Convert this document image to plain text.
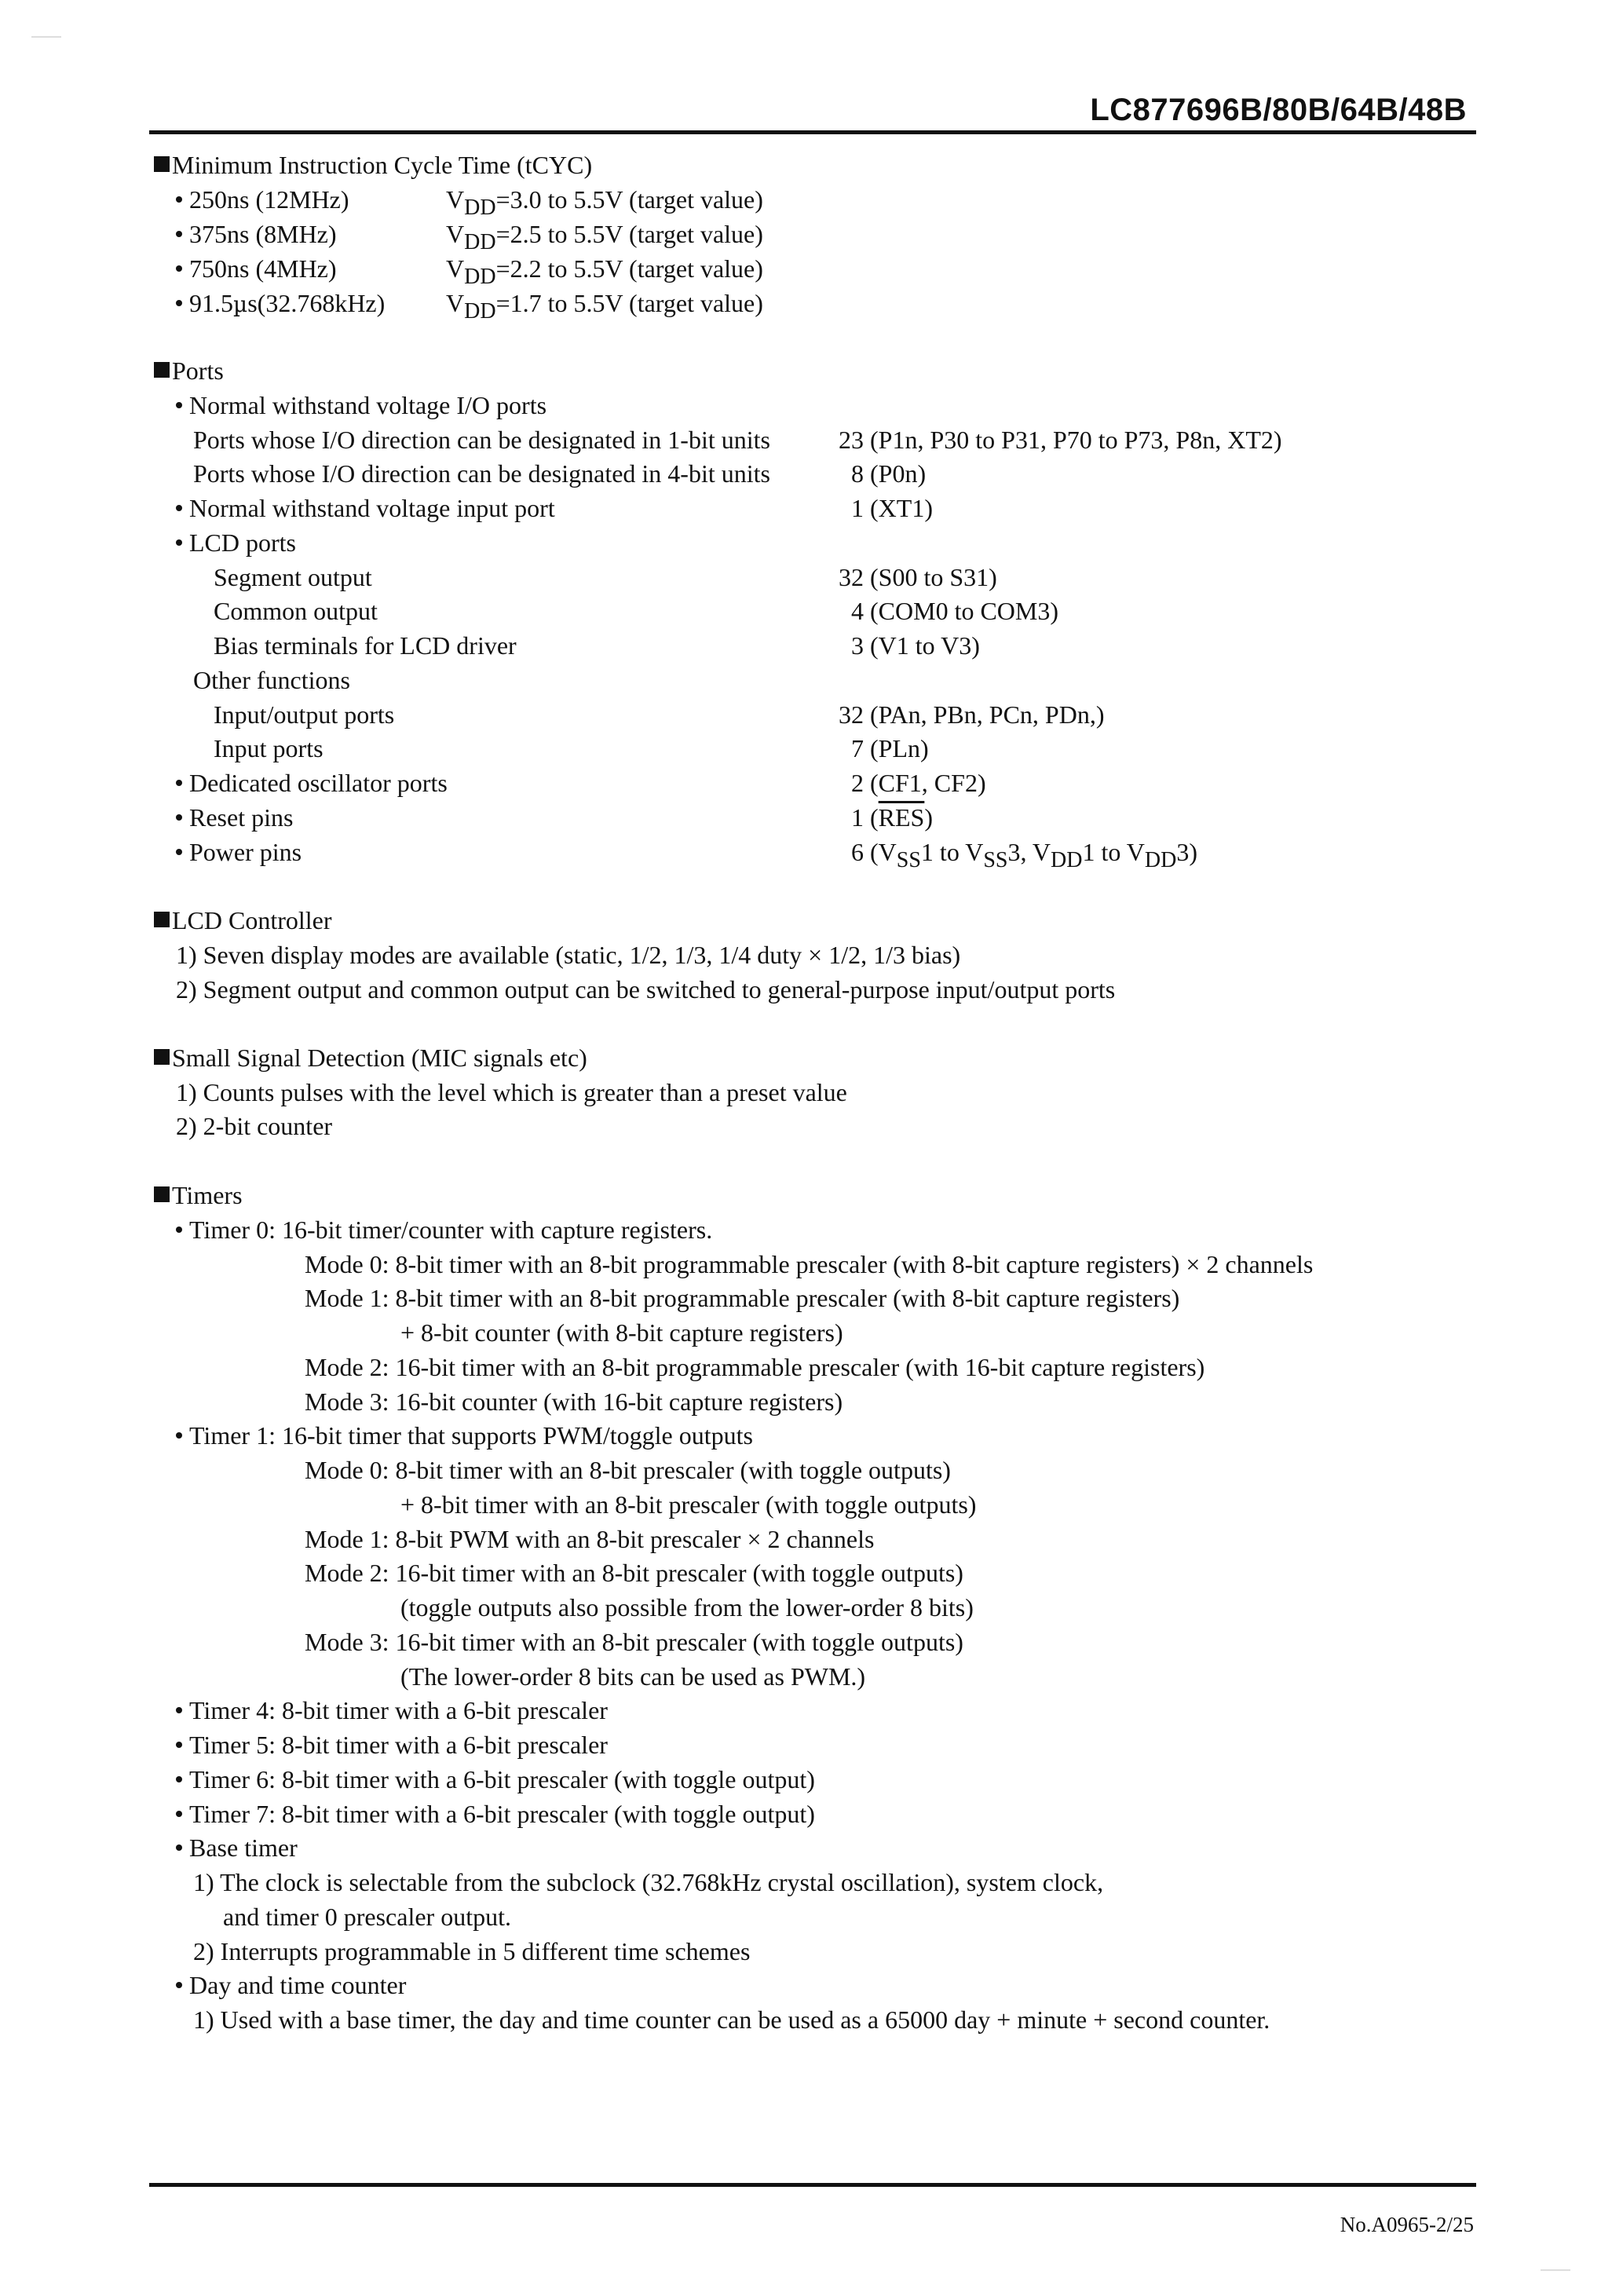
LC877696B/80B/64B/48B
Minimum Instruction Cycle Time (tCYC)
250ns (12MHz)	$V_{DD}=3.0$ to 5.5V (target value)
375ns (8MHz)	$V_{DD}=2.5$ to 5.5V (target value)
750ns (4MHz)	$V_{DD}=2.2$ to 5.5V (target value)
91.5µs(32.768kHz) $V_{DD}=1.7$ to 5.5V (target value)
Ports
Normal withstand voltage I/O ports
Ports whose I/O direction can be designated in 1-bit units	23 (P1n, P30 to P31, P70 to P73, P8n, XT2)
Ports whose I/O direction can be designated in 4-bit units	8 (P0n)
Normal withstand voltage input port	1 (XT1)
LCD ports
Segment output	32 (S00 to S31)
Common output	4 (COM0 to COM3)
Bias terminals for LCD driver	3 (V1 to V3)
Other functions
Input/output ports	32 (PAn, PBn, PCn, PDn,)
Input ports	7 (PLn)
Dedicated oscillator ports	2 (CF1, CF2)
Reset pins	1 $(\overline{RES})$
Power pins	6 ($V_{SS}1$ to $V_{SS}3$, $V_{DD}1$ to $V_{DD}3$)
LCD Controller
1) Seven display modes are available (static, 1/2, 1/3, 1/4 duty × 1/2, 1/3 bias)
2) Segment output and common output can be switched to general-purpose input/output ports
Small Signal Detection (MIC signals etc)
1) Counts pulses with the level which is greater than a preset value
2) 2-bit counter
Timers
Timer 0: 16-bit timer/counter with capture registers.
Mode 0: 8-bit timer with an 8-bit programmable prescaler (with 8-bit capture registers) × 2 channels
Mode 1: 8-bit timer with an 8-bit programmable prescaler (with 8-bit capture registers)
+ 8-bit counter (with 8-bit capture registers)
Mode 2: 16-bit timer with an 8-bit programmable prescaler (with 16-bit capture registers)
Mode 3: 16-bit counter (with 16-bit capture registers)
Timer 1: 16-bit timer that supports PWM/toggle outputs
Mode 0: 8-bit timer with an 8-bit prescaler (with toggle outputs)
+ 8-bit timer with an 8-bit prescaler (with toggle outputs)
Mode 1: 8-bit PWM with an 8-bit prescaler × 2 channels
Mode 2: 16-bit timer with an 8-bit prescaler (with toggle outputs)
(toggle outputs also possible from the lower-order 8 bits)
Mode 3: 16-bit timer with an 8-bit prescaler (with toggle outputs)
(The lower-order 8 bits can be used as PWM.)
Timer 4: 8-bit timer with a 6-bit prescaler
Timer 5: 8-bit timer with a 6-bit prescaler
Timer 6: 8-bit timer with a 6-bit prescaler (with toggle output)
Timer 7: 8-bit timer with a 6-bit prescaler (with toggle output)
Base timer
1) The clock is selectable from the subclock (32.768kHz crystal oscillation), system clock,
and timer 0 prescaler output.
2) Interrupts programmable in 5 different time schemes
Day and time counter
1) Used with a base timer, the day and time counter can be used as a 65000 day + minute + second counter.
No.A0965-2/25
